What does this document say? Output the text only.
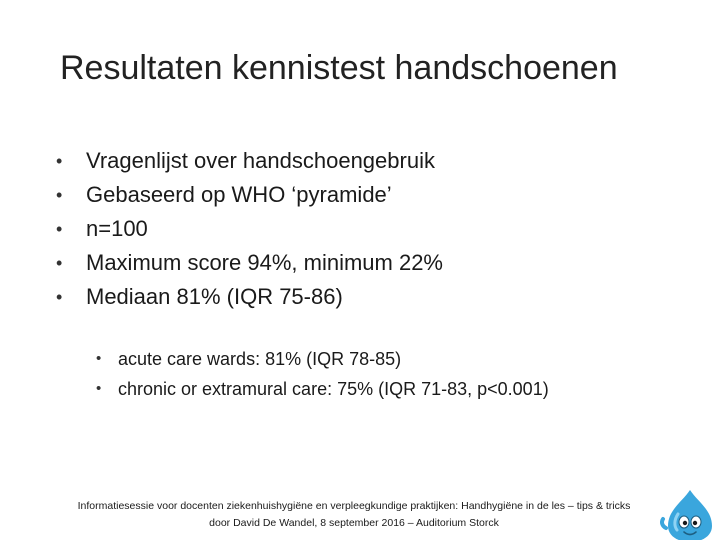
Resultaten kennistest handschoenen
• Vragenlijst over handschoengebruik
• Gebaseerd op WHO ‘pyramide’
• n=100
• Maximum score 94%, minimum 22%
• Mediaan 81% (IQR 75-86)
• acute care wards: 81% (IQR 78-85)
• chronic or extramural care: 75% (IQR 71-83, p<0.001)
Informatiesessie voor docenten ziekenhuishygiëne en verpleegkundige praktijken: Handhygiëne in de les – tips & tricks
door David De Wandel, 8 september 2016 – Auditorium Storck
